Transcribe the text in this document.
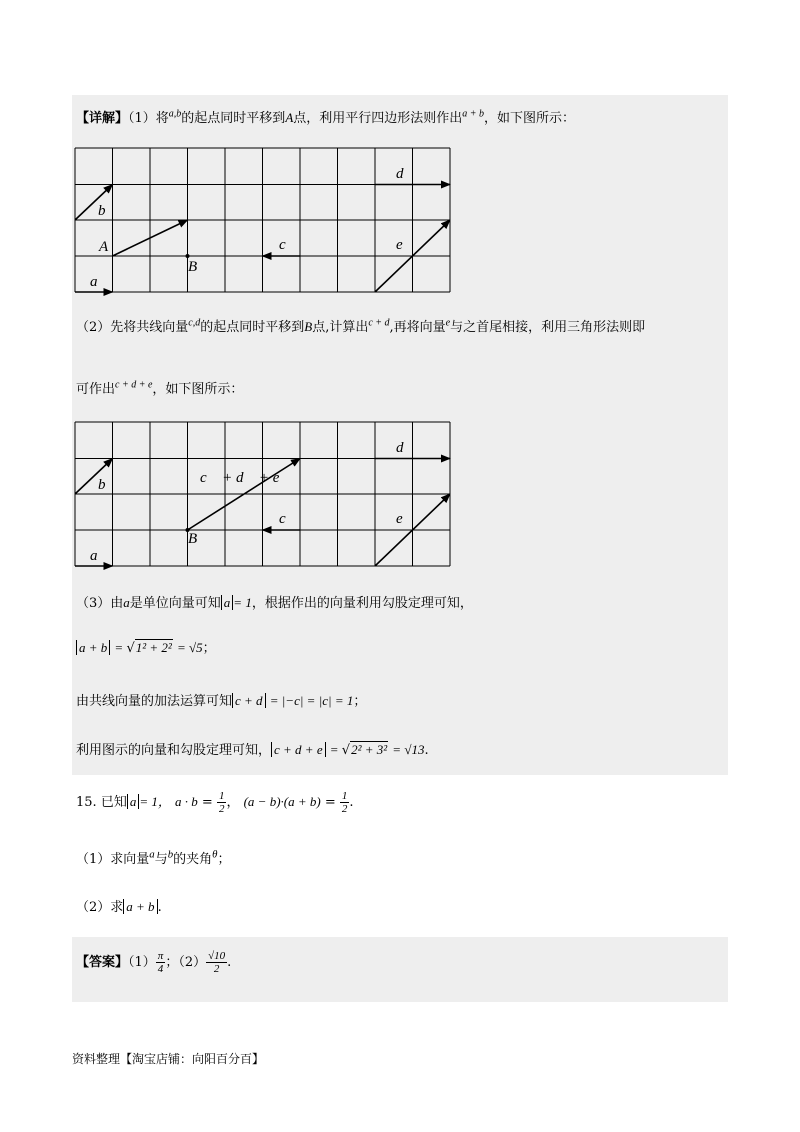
【详解】（1）将$^{a,b}$的起点同时平移到A点，利用平行四边形法则作出$^{a + b}$，如下图所示：
d⃗
b⃗
A
B
c⃗	e⃗
a⃗
（2）先将共线向量$^{c,d}$的起点同时平移到B点,计算出$^{c + d}$,再将向量$^e$与之首尾相接，利用三角形法则即
可作出$^{c + d + e}$，如下图所示：
d⃗
b⃗	c⃗ + d⃗ + e⃗
B
c⃗	e⃗
a⃗
（3）由a是单位向量可知 a = 1，根据作出的向量利用勾股定理可知，
a + b = √1² + 2² = √5；
由共线向量的加法运算可知 c + d = |−c| = |c| = 1；
利用图示的向量和勾股定理可知， c + d + e = √2² + 3² = √13.
15. 已知 a = 1， $a \cdot b = \frac{1}{2}$ ， $(a - b)\cdot(a + b) = \frac{1}{2}$ .
（1）求向量$^a$与$^b$的夹角$^\theta$；
（2）求 a + b .
【答案】$(1) \frac{\pi}{4}$ ；$(2) \frac{√10}{2}$ .
资料整理【淘宝店铺：向阳百分百】
